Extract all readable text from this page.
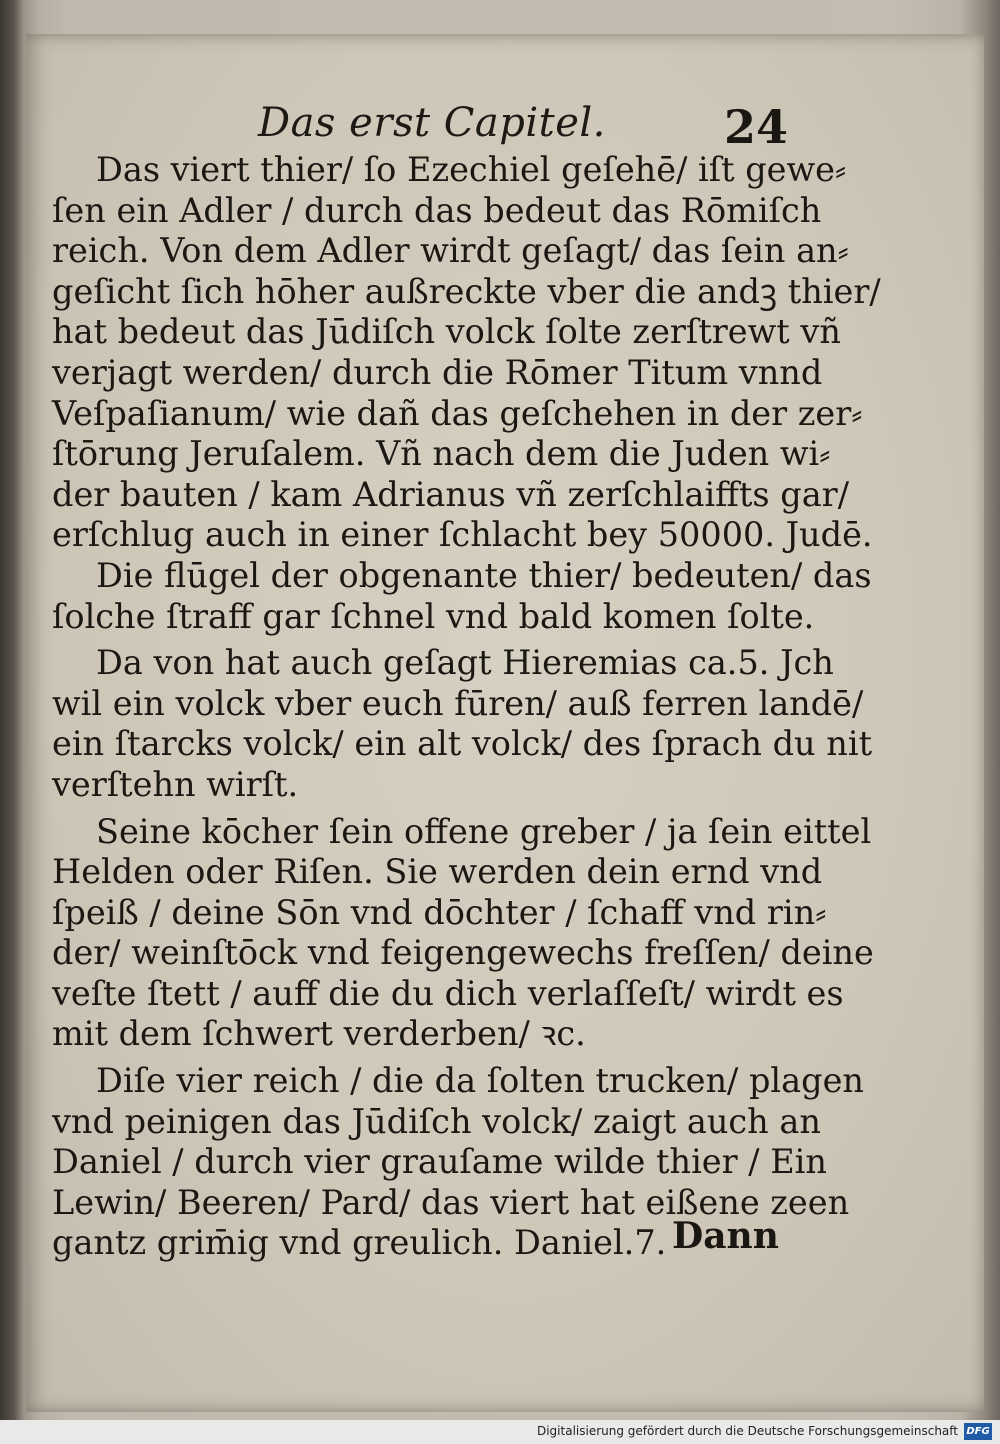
Das erst Capitel.	24
Das viert thier/ ſo Ezechiel geſehē/ iſt gewe⸗
ſen ein Adler / durch das bedeut das Rōmiſch
reich. Von dem Adler wirdt geſagt/ das ſein an⸗
geſicht ſich hōher außreckte vber die andꝫ thier/
hat bedeut das Jūdiſch volck ſolte zerſtrewt vñ
verjagt werden/ durch die Rōmer Titum vnnd
Veſpaſianum/ wie dañ das geſchehen in der zer⸗
ſtōrung Jeruſalem. Vñ nach dem die Juden wi⸗
der bauten / kam Adrianus vñ zerſchlaiffts gar/
erſchlug auch in einer ſchlacht bey 50000. Judē.
Die flūgel der obgenante thier/ bedeuten/ das
ſolche ſtraff gar ſchnel vnd bald komen ſolte.
Da von hat auch geſagt Hieremias ca.5. Jch
wil ein volck vber euch fūren/ auß ferren landē/
ein ſtarcks volck/ ein alt volck/ des ſprach du nit
verſtehn wirſt.
Seine kōcher ſein offene greber / ja ſein eittel
Helden oder Riſen. Sie werden dein ernd vnd
ſpeiß / deine Sōn vnd dōchter / ſchaff vnd rin⸗
der/ weinſtōck vnd feigengewechs freſſen/ deine
veſte ſtett / auff die du dich verlaſſeſt/ wirdt es
mit dem ſchwert verderben/ ꝛc.
Diſe vier reich / die da ſolten trucken/ plagen
vnd peinigen das Jūdiſch volck/ zaigt auch an
Daniel / durch vier grauſame wilde thier / Ein
Lewin/ Beeren/ Pard/ das viert hat eißene zeen
gantz grim̄ig vnd greulich. Daniel.7. Dann
Digitalisierung gefördert durch die Deutsche Forschungsgemeinschaft DFG
